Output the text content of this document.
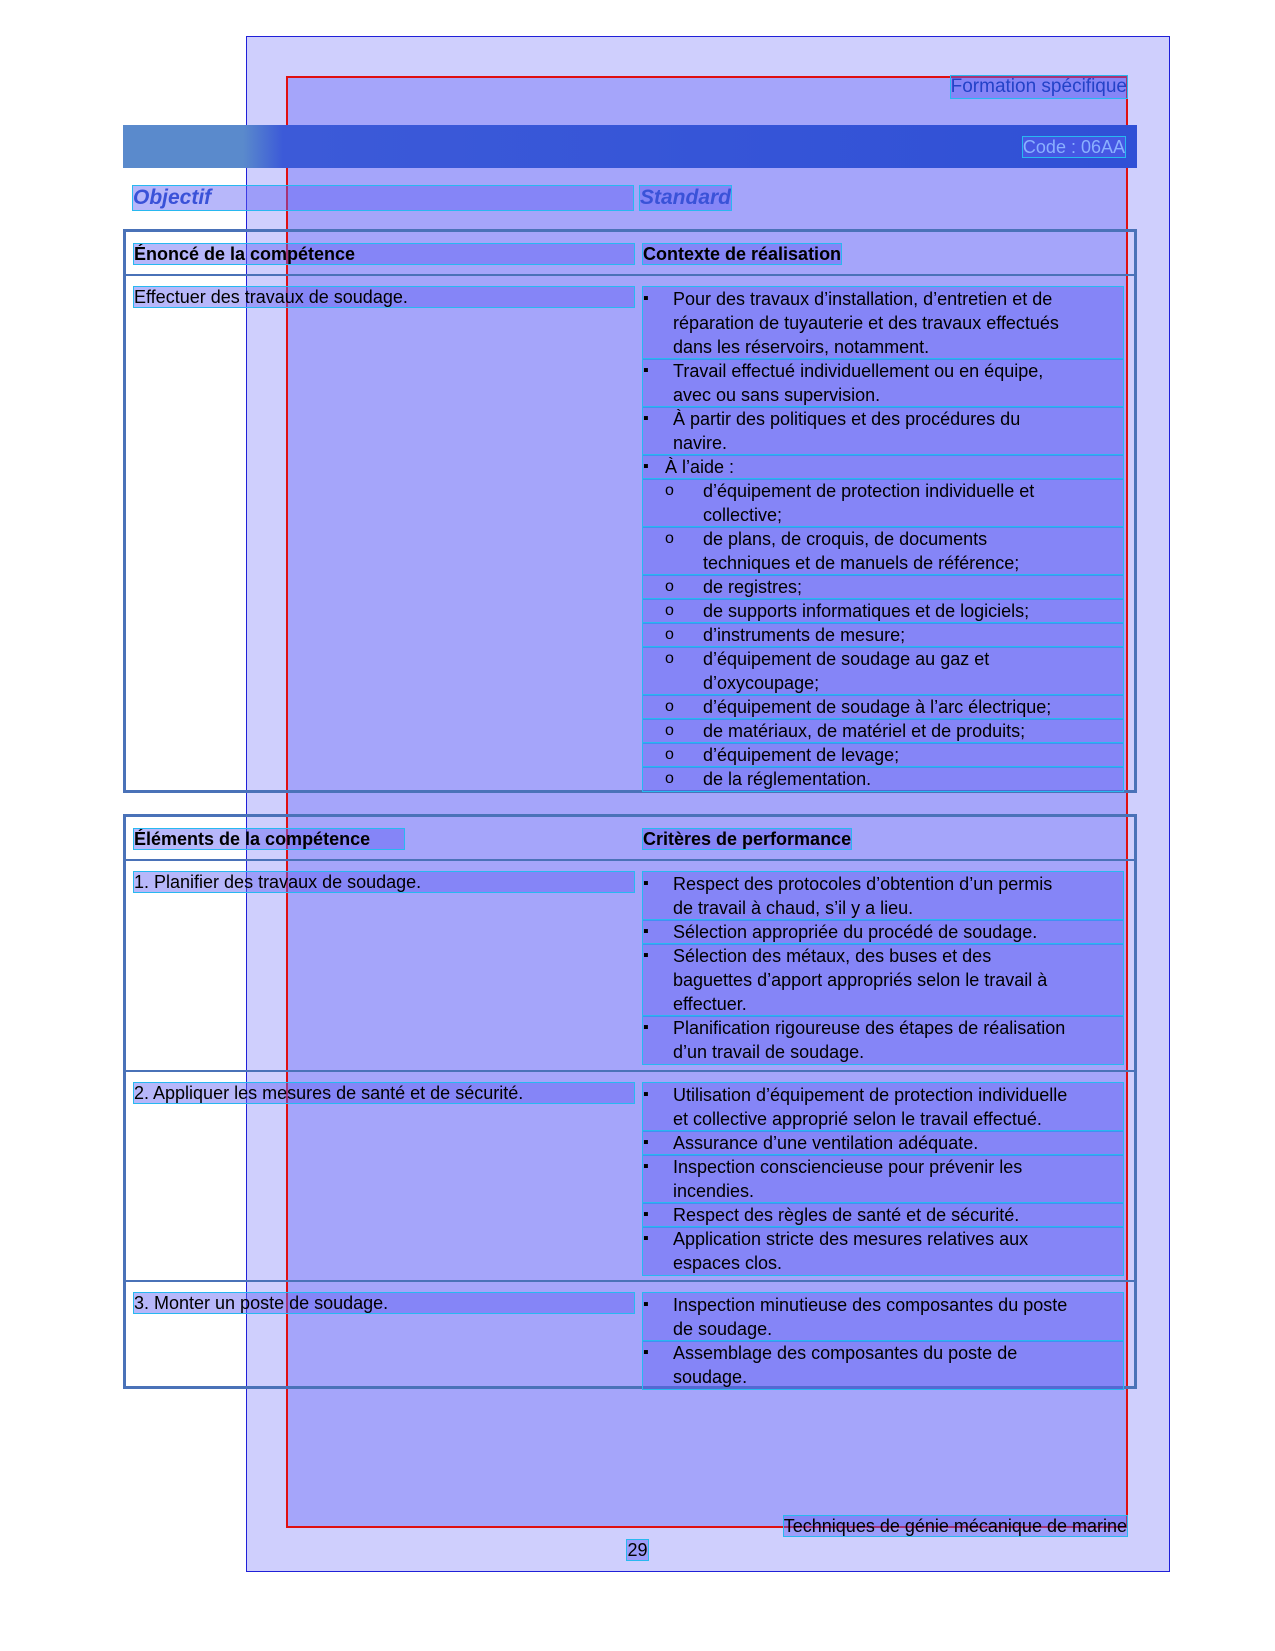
Formation spécifique
Code : 06AA
Objectif	Standard
Énoncé de la compétence	Contexte de réalisation
Effectuer des travaux de soudage.	▪ Pour des travaux d’installation, d’entretien et de
réparation de tuyauterie et des travaux effectués
dans les réservoirs, notamment.
▪ Travail effectué individuellement ou en équipe,
avec ou sans supervision.
▪ À partir des politiques et des procédures du
navire.
▪ À l’aide :
o d’équipement de protection individuelle et
collective;
o de plans, de croquis, de documents
techniques et de manuels de référence;
o de registres;
o de supports informatiques et de logiciels;
o d’instruments de mesure;
o d’équipement de soudage au gaz et
d’oxycoupage;
o d’équipement de soudage à l’arc électrique;
o de matériaux, de matériel et de produits;
o d’équipement de levage;
o de la réglementation.
Éléments de la compétence	Critères de performance
1. Planifier des travaux de soudage.	▪ Respect des protocoles d’obtention d’un permis
de travail à chaud, s’il y a lieu.
▪ Sélection appropriée du procédé de soudage.
▪ Sélection des métaux, des buses et des
baguettes d’apport appropriés selon le travail à
effectuer.
▪ Planification rigoureuse des étapes de réalisation
d’un travail de soudage.
2. Appliquer les mesures de santé et de sécurité.	▪ Utilisation d’équipement de protection individuelle
et collective approprié selon le travail effectué.
▪ Assurance d’une ventilation adéquate.
▪ Inspection consciencieuse pour prévenir les
incendies.
▪ Respect des règles de santé et de sécurité.
▪ Application stricte des mesures relatives aux
espaces clos.
3. Monter un poste de soudage.	▪ Inspection minutieuse des composantes du poste
de soudage.
▪ Assemblage des composantes du poste de
soudage.
Techniques de génie mécanique de marine
29
